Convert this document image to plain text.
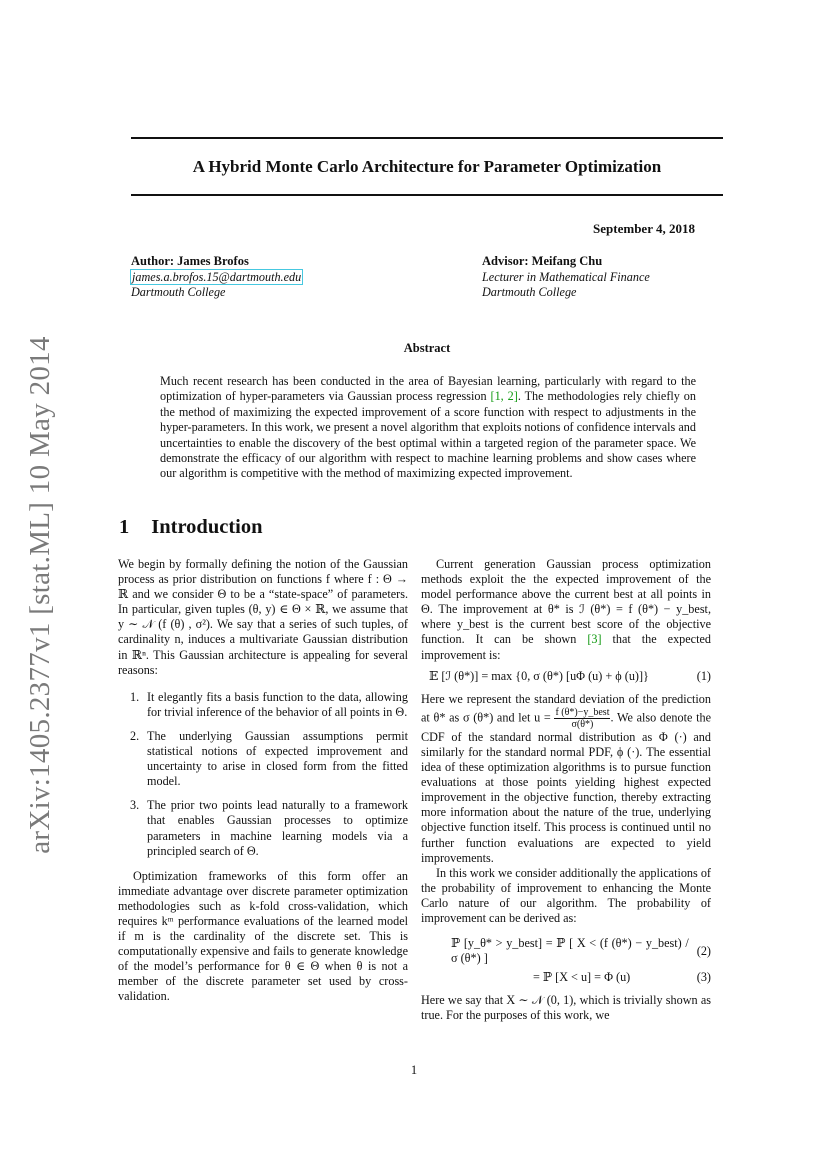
arXiv:1405.2377v1 [stat.ML] 10 May 2014
A Hybrid Monte Carlo Architecture for Parameter Optimization
September 4, 2018
Author: James Brofos
james.a.brofos.15@dartmouth.edu
Dartmouth College
Advisor: Meifang Chu
Lecturer in Mathematical Finance
Dartmouth College
Abstract
Much recent research has been conducted in the area of Bayesian learning, particularly with regard to the optimization of hyper-parameters via Gaussian process regression [1, 2]. The methodologies rely chiefly on the method of maximizing the expected improvement of a score function with respect to adjustments in the hyper-parameters. In this work, we present a novel algorithm that exploits notions of confidence intervals and uncertainties to enable the discovery of the best optimal within a targeted region of the parameter space. We demonstrate the efficacy of our algorithm with respect to machine learning problems and show cases where our algorithm is competitive with the method of maximizing expected improvement.
1 Introduction

We begin by formally defining the notion of the Gaussian process as prior distribution on functions f where f : Θ → ℝ and we consider Θ to be a “state-space” of parameters. In particular, given tuples (θ, y) ∈ Θ × ℝ, we assume that y ∼ 𝒩 (f (θ) , σ²). We say that a series of such tuples, of cardinality n, induces a multivariate Gaussian distribution in ℝⁿ. This Gaussian architecture is appealing for several reasons:

1. It elegantly fits a basis function to the data, allowing for trivial inference of the behavior of all points in Θ.
2. The underlying Gaussian assumptions permit statistical notions of expected improvement and uncertainty to arise in closed form from the fitted model.
3. The prior two points lead naturally to a framework that enables Gaussian processes to optimize parameters in machine learning models via a principled search of Θ.

Optimization frameworks of this form offer an immediate advantage over discrete parameter optimization methodologies such as k-fold cross-validation, which requires kᵐ performance evaluations of the learned model if m is the cardinality of the discrete set. This is computationally expensive and fails to generate knowledge of the model’s performance for θ ∈ Θ when θ is not a member of the discrete parameter set used by cross-validation.

Current generation Gaussian process optimization methods exploit the the expected improvement of the model performance above the current best at all points in Θ. The improvement at θ* is ℐ (θ*) = f (θ*) − y_best, where y_best is the current best score of the objective function. It can be shown [3] that the expected improvement is:

𝔼 [ℐ (θ*)] = max {0, σ (θ*) [uΦ (u) + ϕ (u)]}	(1)

Here we represent the standard deviation of the prediction at θ* as σ (θ*) and let $u = \frac{\text{f (θ*)−y\_best}}{\sigma(\theta*)}$ . We also denote the CDF of the standard normal distribution as Φ (·) and similarly for the standard normal PDF, ϕ (·). The essential idea of these optimization algorithms is to pursue function evaluations at those points yielding highest expected improvement in the objective function, thereby extracting more information about the nature of the true, underlying objective function itself. This process is continued until no further function evaluations are expected to yield improvements.

In this work we consider additionally the applications of the probability of improvement to enhancing the Monte Carlo nature of our algorithm. The probability of improvement can be derived as:

ℙ [y_θ* > y_best] = ℙ [ X < (f (θ*) − y_best) / σ (θ*) ]
(2)
= ℙ [X < u] = Φ (u)	(3)

Here we say that X ∼ 𝒩 (0, 1), which is trivially shown as true. For the purposes of this work, we

1
